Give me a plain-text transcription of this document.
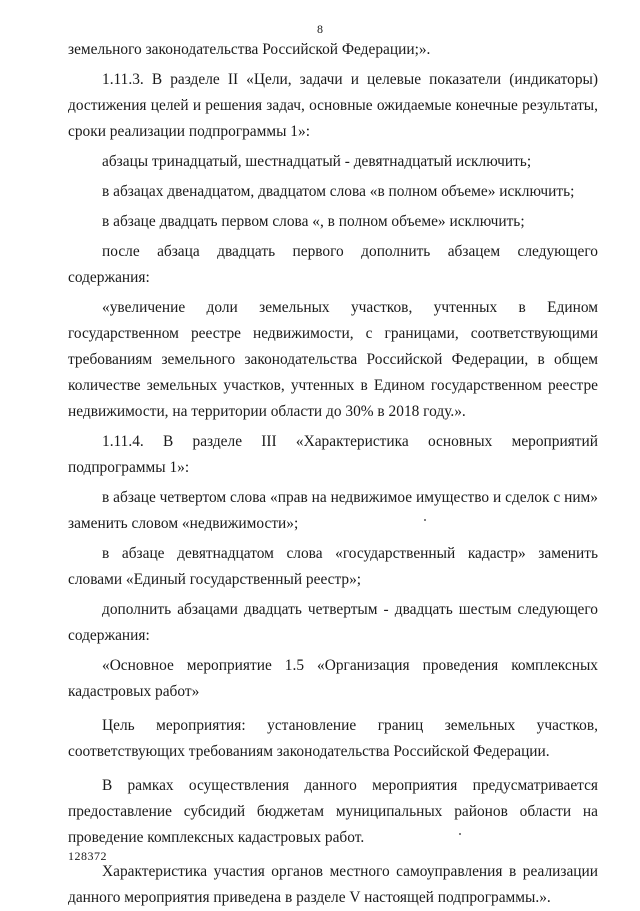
8

земельного законодательства Российской Федерации;».

1.11.3. В разделе II «Цели, задачи и целевые показатели (индикаторы) достижения целей и решения задач, основные ожидаемые конечные результаты, сроки реализации подпрограммы 1»:

абзацы тринадцатый, шестнадцатый - девятнадцатый исключить;

в абзацах двенадцатом, двадцатом слова «в полном объеме» исключить;

в абзаце двадцать первом слова «, в полном объеме» исключить;

после абзаца двадцать первого дополнить абзацем следующего содержания:

«увеличение доли земельных участков, учтенных в Едином государственном реестре недвижимости, с границами, соответствующими требованиям земельного законодательства Российской Федерации, в общем количестве земельных участков, учтенных в Едином государственном реестре недвижимости, на территории области до 30% в 2018 году.».

1.11.4. В разделе III «Характеристика основных мероприятий подпрограммы 1»:

в абзаце четвертом слова «прав на недвижимое имущество и сделок с ним» заменить словом «недвижимости»;

в абзаце девятнадцатом слова «государственный кадастр» заменить словами «Единый государственный реестр»;

дополнить абзацами двадцать четвертым - двадцать шестым следующего содержания:

«Основное мероприятие 1.5 «Организация проведения комплексных кадастровых работ»

Цель мероприятия: установление границ земельных участков, соответствующих требованиям законодательства Российской Федерации.

В рамках осуществления данного мероприятия предусматривается предоставление субсидий бюджетам муниципальных районов области на проведение комплексных кадастровых работ.

Характеристика участия органов местного самоуправления в реализации данного мероприятия приведена в разделе V настоящей подпрограммы.».

128372
